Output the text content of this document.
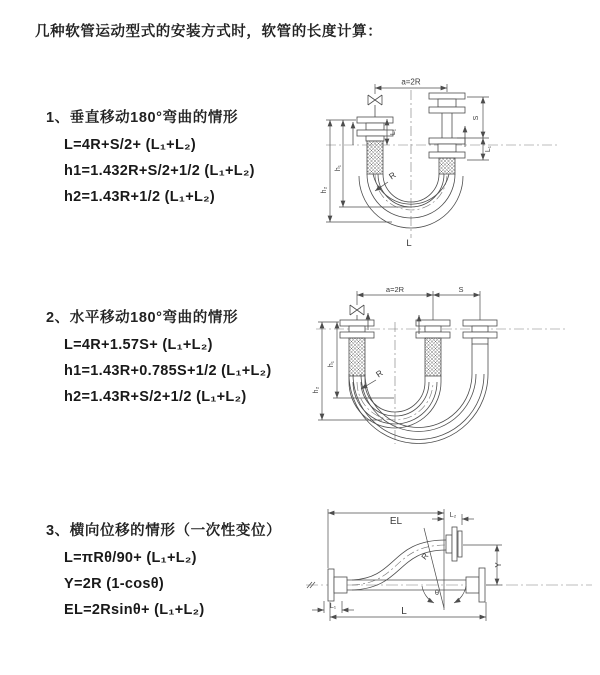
几种软管运动型式的安装方式时，软管的长度计算：
1、垂直移动180°弯曲的情形
L=4R+S/2+ (L₁+L₂)
h1=1.432R+S/2+1/2 (L₁+L₂)
h2=1.43R+1/2 (L₁+L₂)
2、水平移动180°弯曲的情形
L=4R+1.57S+ (L₁+L₂)
h1=1.43R+0.785S+1/2 (L₁+L₂)
h2=1.43R+S/2+1/2 (L₁+L₂)
3、横向位移的情形（一次性变位）
L=πRθ/90+ (L₁+L₂)
Y=2R (1-cosθ)
EL=2Rsinθ+ (L₁+L₂)
a=2R
h₁
h₂
S
L₁
L₁
R
L
a=2R	S
h₁
h₂
R
EL
L₂
Y
L
L₁
R
θ
